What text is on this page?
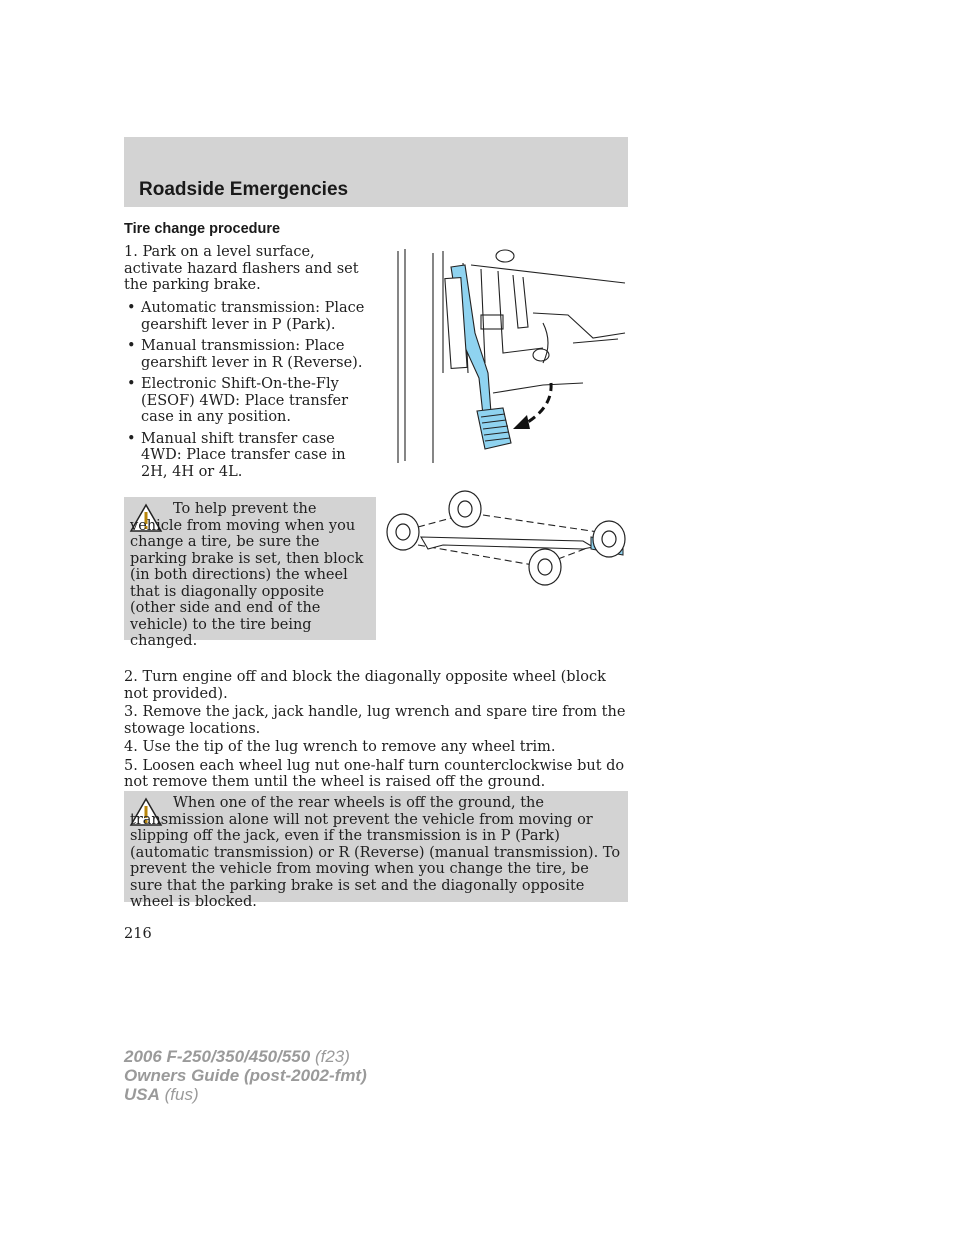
Roadside Emergencies
Tire change procedure
1. Park on a level surface, activate hazard flashers and set the parking brake.
• Automatic transmission: Place gearshift lever in P (Park).
• Manual transmission: Place gearshift lever in R (Reverse).
• Electronic Shift-On-the-Fly (ESOF) 4WD: Place transfer case in any position.
• Manual shift transfer case 4WD: Place transfer case in 2H, 4H or 4L.

To help prevent the vehicle from moving when you change a tire, be sure the parking brake is set, then block (in both directions) the wheel that is diagonally opposite (other side and end of the vehicle) to the tire being changed.

2. Turn engine off and block the diagonally opposite wheel (block not provided).

3. Remove the jack, jack handle, lug wrench and spare tire from the stowage locations.

4. Use the tip of the lug wrench to remove any wheel trim.

5. Loosen each wheel lug nut one-half turn counterclockwise but do not remove them until the wheel is raised off the ground.

When one of the rear wheels is off the ground, the transmission alone will not prevent the vehicle from moving or slipping off the jack, even if the transmission is in P (Park) (automatic transmission) or R (Reverse) (manual transmission). To prevent the vehicle from moving when you change the tire, be sure that the parking brake is set and the diagonally opposite wheel is blocked.

216

2006 F-250/350/450/550 (f23)
Owners Guide (post-2002-fmt)
USA (fus)
